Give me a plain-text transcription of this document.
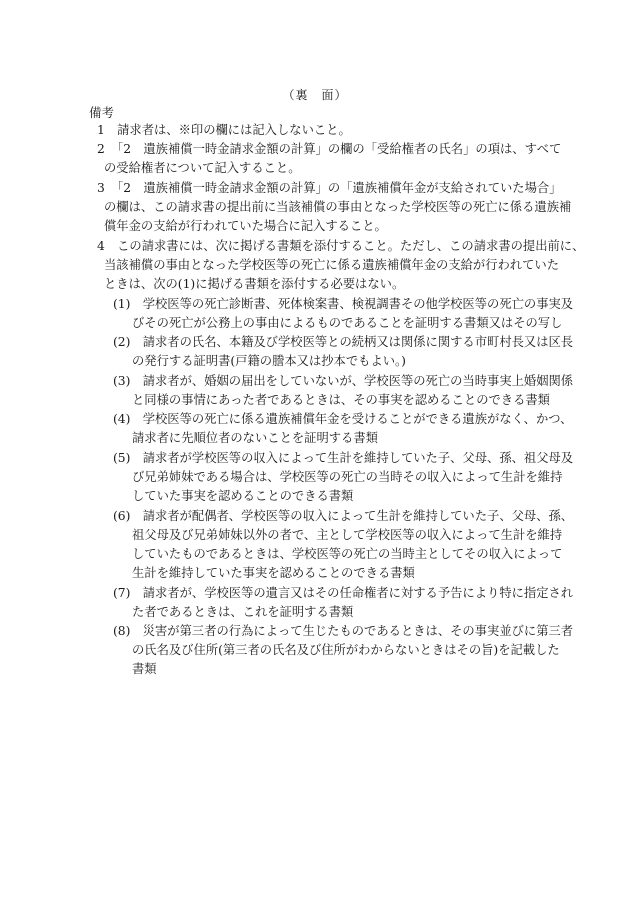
（裏　面）
備考
1　請求者は、※印の欄には記入しないこと。
2　「2　遺族補償一時金請求金額の計算」の欄の「受給権者の氏名」の項は、すべて
の受給権者について記入すること。
3　「2　遺族補償一時金請求金額の計算」の「遺族補償年金が支給されていた場合」
の欄は、この請求書の提出前に当該補償の事由となった学校医等の死亡に係る遺族補
償年金の支給が行われていた場合に記入すること。
4　この請求書には、次に掲げる書類を添付すること。ただし、この請求書の提出前に、
当該補償の事由となった学校医等の死亡に係る遺族補償年金の支給が行われていた
ときは、次の(1)に掲げる書類を添付する必要はない。
(1)　学校医等の死亡診断書、死体検案書、検視調書その他学校医等の死亡の事実及
びその死亡が公務上の事由によるものであることを証明する書類又はその写し
(2)　請求者の氏名、本籍及び学校医等との続柄又は関係に関する市町村長又は区長
の発行する証明書(戸籍の謄本又は抄本でもよい。)
(3)　請求者が、婚姻の届出をしていないが、学校医等の死亡の当時事実上婚姻関係
と同様の事情にあった者であるときは、その事実を認めることのできる書類
(4)　学校医等の死亡に係る遺族補償年金を受けることができる遺族がなく、かつ、
請求者に先順位者のないことを証明する書類
(5)　請求者が学校医等の収入によって生計を維持していた子、父母、孫、祖父母及
び兄弟姉妹である場合は、学校医等の死亡の当時その収入によって生計を維持
していた事実を認めることのできる書類
(6)　請求者が配偶者、学校医等の収入によって生計を維持していた子、父母、孫、
祖父母及び兄弟姉妹以外の者で、主として学校医等の収入によって生計を維持
していたものであるときは、学校医等の死亡の当時主としてその収入によって
生計を維持していた事実を認めることのできる書類
(7)　請求者が、学校医等の遺言又はその任命権者に対する予告により特に指定され
た者であるときは、これを証明する書類
(8)　災害が第三者の行為によって生じたものであるときは、その事実並びに第三者
の氏名及び住所(第三者の氏名及び住所がわからないときはその旨)を記載した
書類
